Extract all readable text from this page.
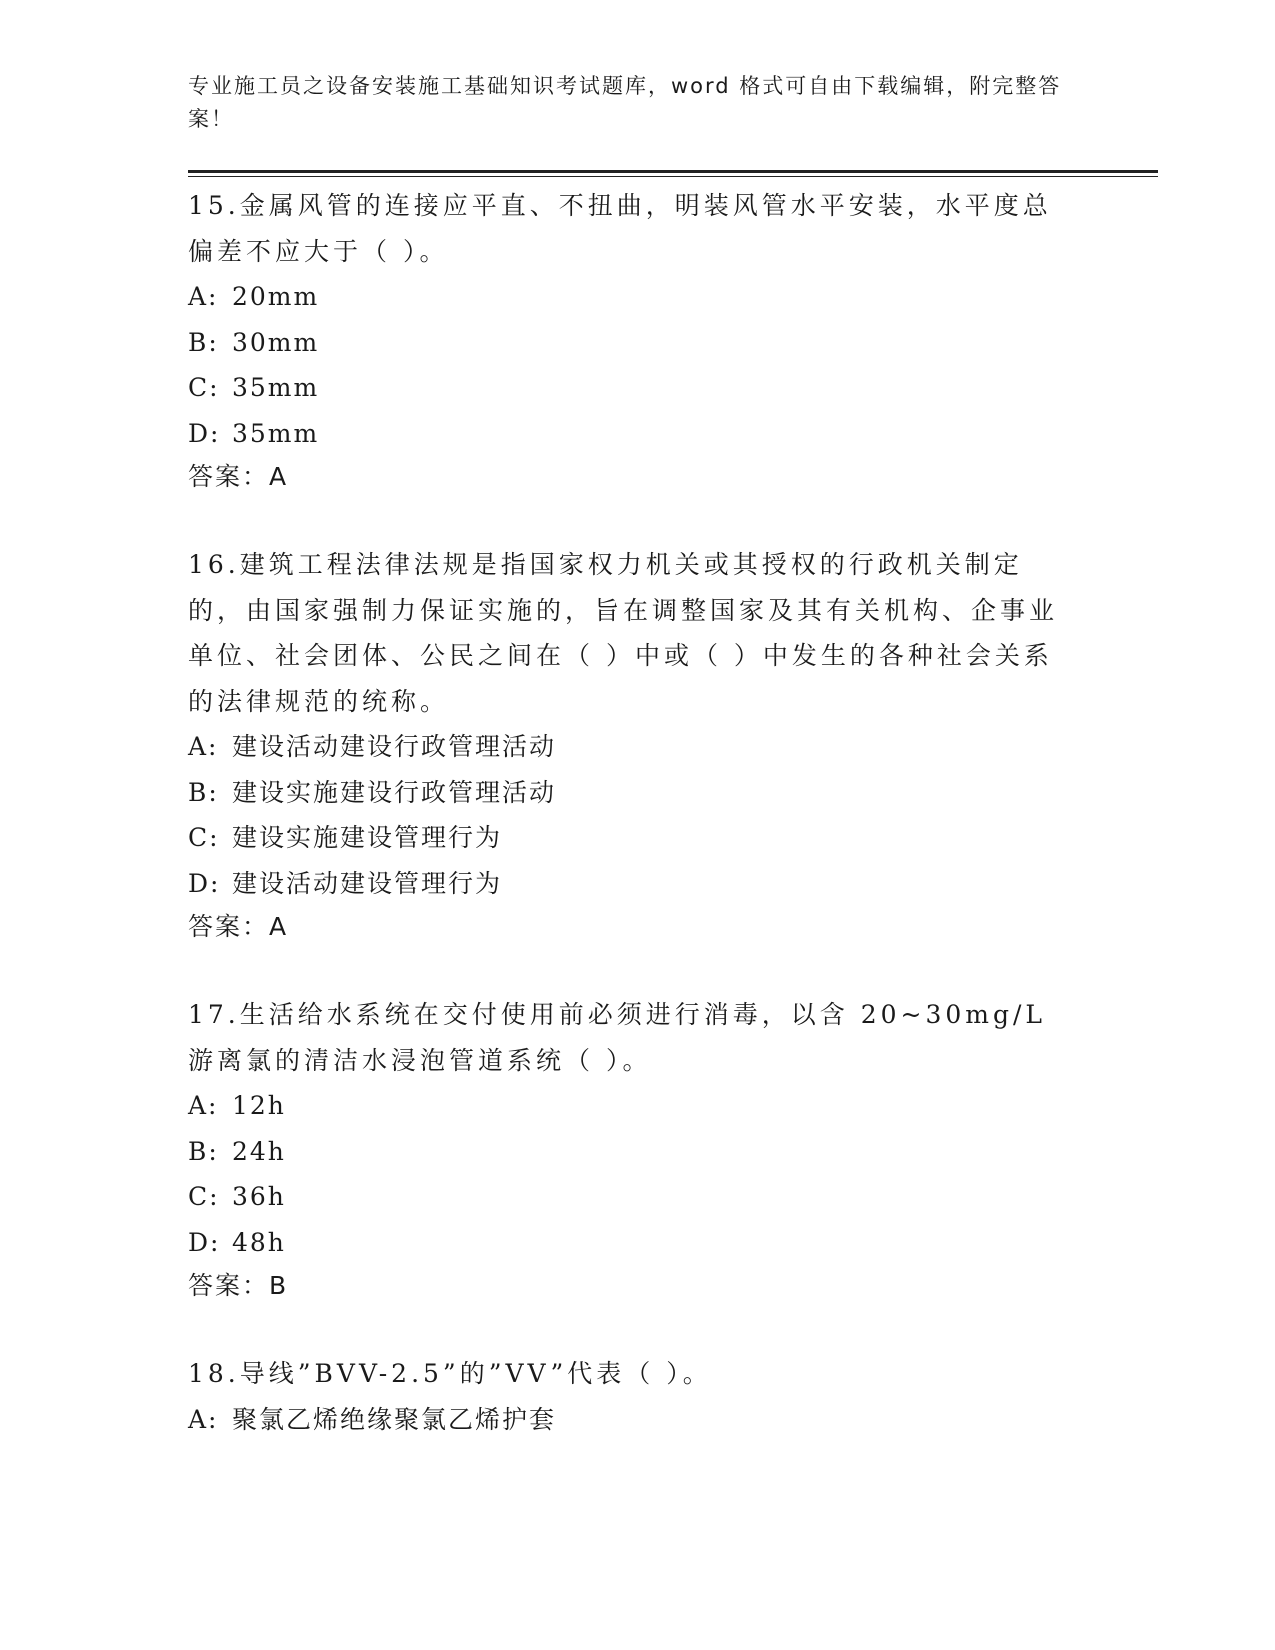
专业施工员之设备安装施工基础知识考试题库，word 格式可自由下载编辑，附完整答案！

15.金属风管的连接应平直、不扭曲，明装风管水平安装，水平度总偏差不应大于（ ）。

A: 20mm

B: 30mm

C: 35mm

D: 35mm

答案：A

16.建筑工程法律法规是指国家权力机关或其授权的行政机关制定的，由国家强制力保证实施的，旨在调整国家及其有关机构、企事业单位、社会团体、公民之间在（ ）中或（ ）中发生的各种社会关系的法律规范的统称。

A: 建设活动建设行政管理活动

B: 建设实施建设行政管理活动

C: 建设实施建设管理行为

D: 建设活动建设管理行为

答案：A

17.生活给水系统在交付使用前必须进行消毒，以含 20~30mg/L 游离氯的清洁水浸泡管道系统（ ）。

A: 12h

B: 24h

C: 36h

D: 48h

答案：B

18.导线”BVV-2.5”的”VV”代表（ ）。

A: 聚氯乙烯绝缘聚氯乙烯护套
